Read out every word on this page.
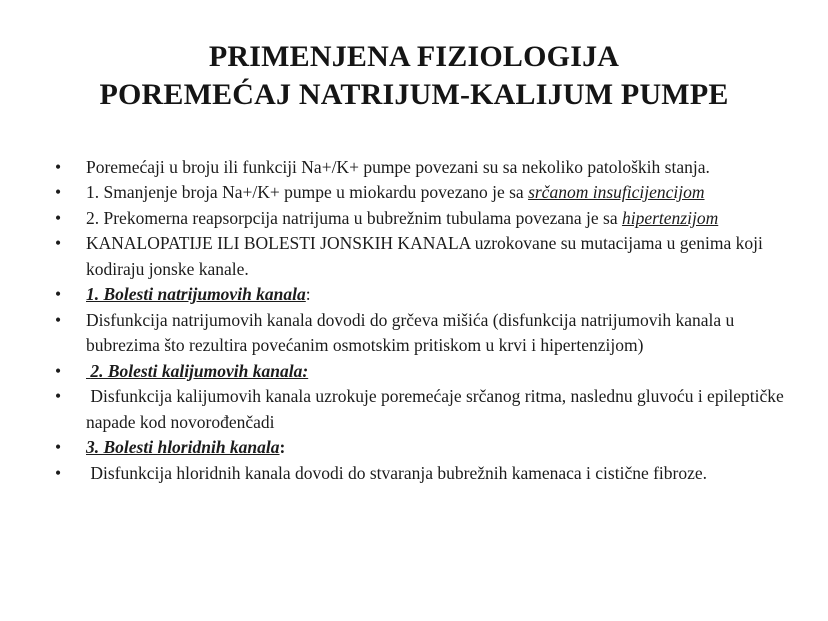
PRIMENJENA FIZIOLOGIJA
POREMEĆAJ NATRIJUM-KALIJUM PUMPE
•	Poremećaji u broju ili funkciji Na+/K+ pumpe povezani su sa nekoliko patoloških stanja.
•	1. Smanjenje broja Na+/K+ pumpe u miokardu povezano je sa srčanom insuficijencijom
•	2. Prekomerna reapsorpcija natrijuma u bubrežnim tubulama povezana je sa hipertenzijom
•	KANALOPATIJE ILI BOLESTI JONSKIH KANALA uzrokovane su mutacijama u genima koji kodiraju jonske kanale.
•	1. Bolesti natrijumovih kanala:
•	Disfunkcija natrijumovih kanala dovodi do grčeva mišića (disfunkcija natrijumovih kanala u bubrezima što rezultira povećanim osmotskim pritiskom u krvi i hipertenzijom)
•	2. Bolesti kalijumovih kanala:
•	Disfunkcija kalijumovih kanala uzrokuje poremećaje srčanog ritma, naslednu gluvoću i epileptičke napade kod novorođenčadi
•	3. Bolesti hloridnih kanala:
•	Disfunkcija hloridnih kanala dovodi do stvaranja bubrežnih kamenaca i cistične fibroze.
